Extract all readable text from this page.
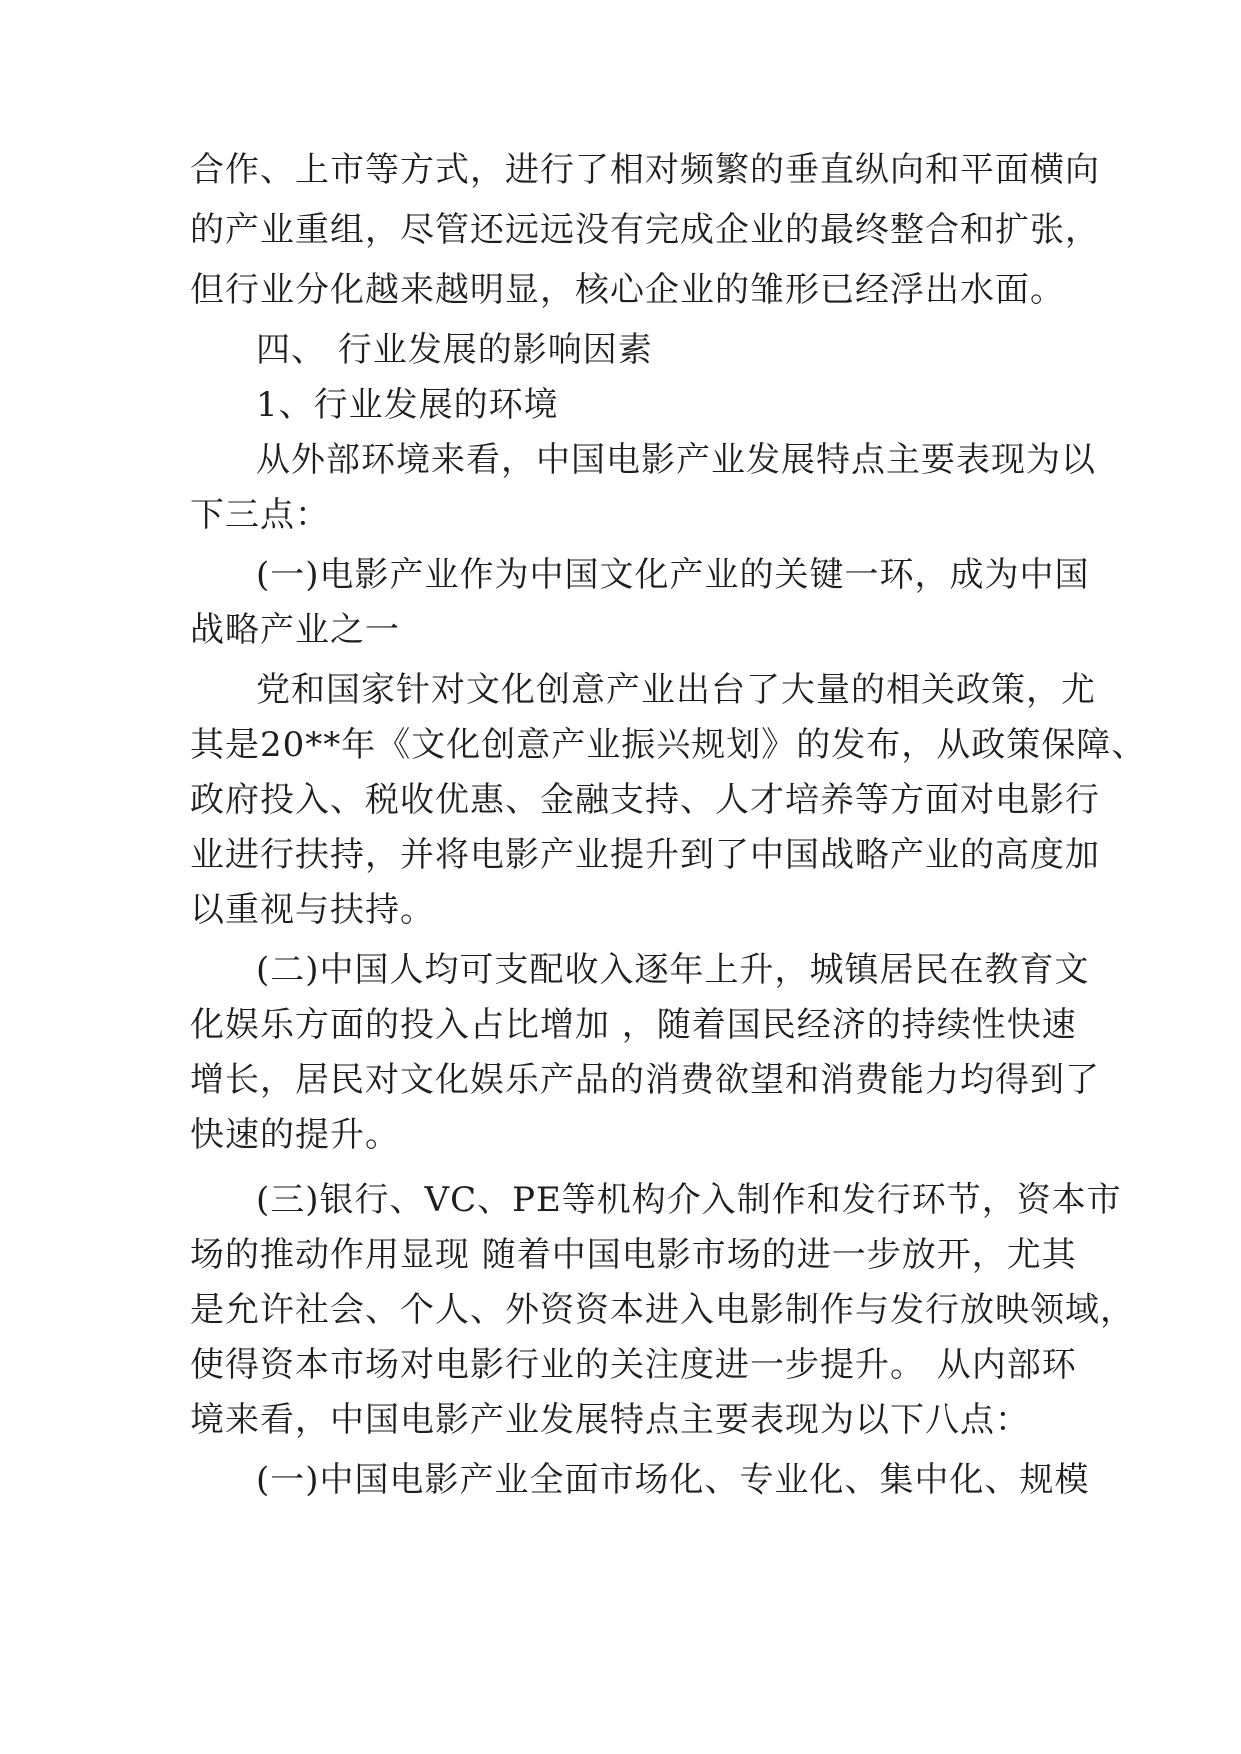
合作、上市等方式，进行了相对频繁的垂直纵向和平面横向
的产业重组，尽管还远远没有完成企业的最终整合和扩张，
但行业分化越来越明显，核心企业的雏形已经浮出水面。
四、 行业发展的影响因素
1、行业发展的环境
从外部环境来看，中国电影产业发展特点主要表现为以
下三点：
(一)电影产业作为中国文化产业的关键一环，成为中国
战略产业之一
党和国家针对文化创意产业出台了大量的相关政策，尤
其是20**年《文化创意产业振兴规划》的发布，从政策保障、
政府投入、税收优惠、金融支持、人才培养等方面对电影行
业进行扶持，并将电影产业提升到了中国战略产业的高度加
以重视与扶持。
(二)中国人均可支配收入逐年上升，城镇居民在教育文
化娱乐方面的投入占比增加 ，随着国民经济的持续性快速
增长，居民对文化娱乐产品的消费欲望和消费能力均得到了
快速的提升。
(三)银行、VC、PE等机构介入制作和发行环节，资本市
场的推动作用显现 随着中国电影市场的进一步放开，尤其
是允许社会、个人、外资资本进入电影制作与发行放映领域，
使得资本市场对电影行业的关注度进一步提升。 从内部环
境来看，中国电影产业发展特点主要表现为以下八点：
(一)中国电影产业全面市场化、专业化、集中化、规模
